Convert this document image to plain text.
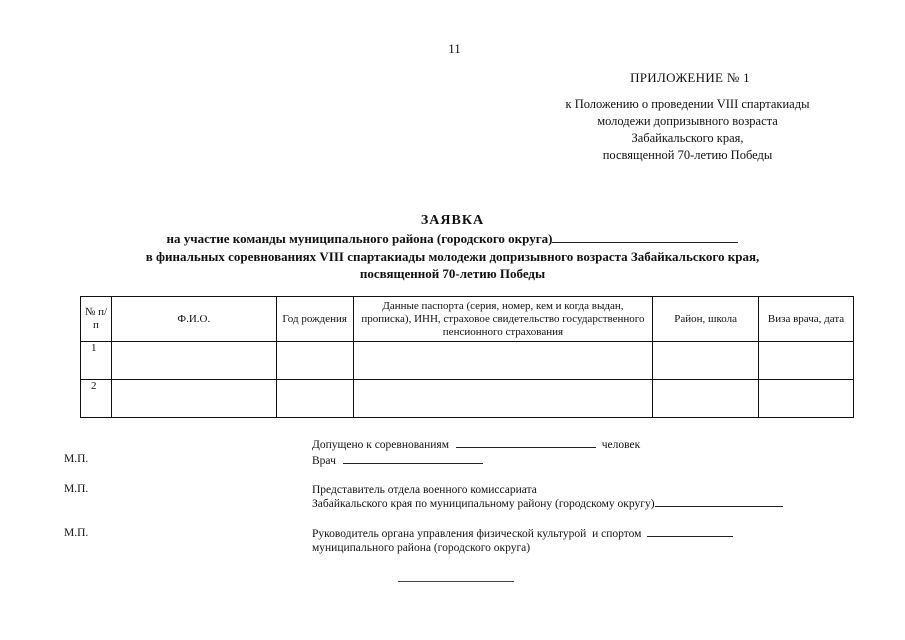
11
ПРИЛОЖЕНИЕ № 1
к Положению о проведении VIII спартакиады
молодежи допризывного возраста
Забайкальского края,
посвященной 70-летию Победы
ЗАЯВКА
на участие команды муниципального района (городского округа)
в финальных соревнованиях VIII спартакиады молодежи допризывного возраста Забайкальского края,
посвященной 70-летию Победы
№ п/п	Ф.И.О.	Год рождения	Данные паспорта (серия, номер, кем и когда выдан, прописка), ИНН, страховое свидетельство государственного пенсионного страхования	Район, школа	Виза врача, дата
1					
2					
Допущено к соревнованиям	человек
М.П.	Врач
М.П.	Представитель отдела военного комиссариата
Забайкальского края по муниципальному району (городскому округу)
М.П.	Руководитель органа управления физической культурой  и спортом
муниципального района (городского округа)
